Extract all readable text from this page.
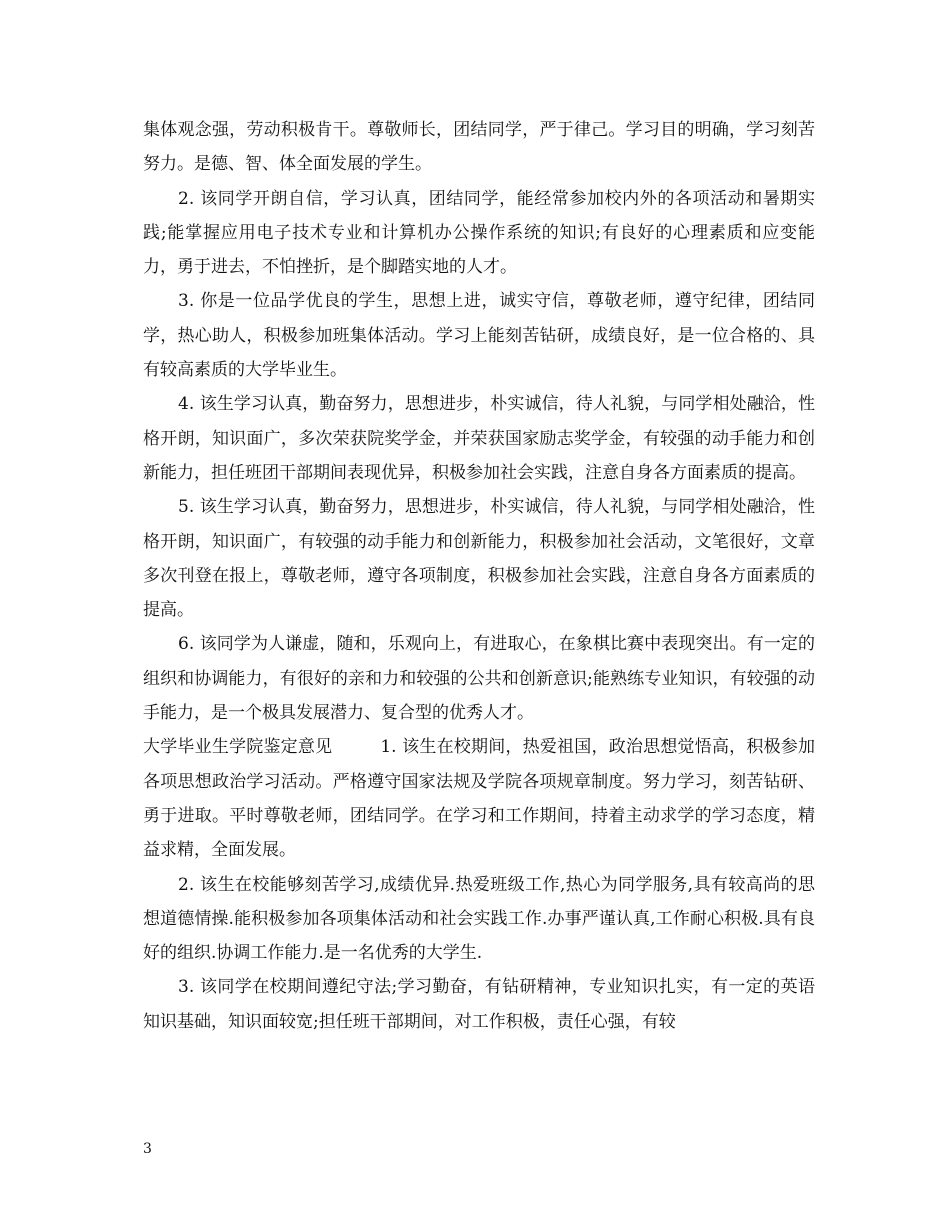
集体观念强，劳动积极肯干。尊敬师长，团结同学，严于律己。学习目的明确，学习刻苦努力。是德、智、体全面发展的学生。

2. 该同学开朗自信，学习认真，团结同学，能经常参加校内外的各项活动和暑期实践;能掌握应用电子技术专业和计算机办公操作系统的知识;有良好的心理素质和应变能力，勇于进去，不怕挫折，是个脚踏实地的人才。

3. 你是一位品学优良的学生，思想上进，诚实守信，尊敬老师，遵守纪律，团结同学，热心助人，积极参加班集体活动。学习上能刻苦钻研，成绩良好，是一位合格的、具有较高素质的大学毕业生。

4. 该生学习认真，勤奋努力，思想进步，朴实诚信，待人礼貌，与同学相处融洽，性格开朗，知识面广，多次荣获院奖学金，并荣获国家励志奖学金，有较强的动手能力和创新能力，担任班团干部期间表现优异，积极参加社会实践，注意自身各方面素质的提高。

5. 该生学习认真，勤奋努力，思想进步，朴实诚信，待人礼貌，与同学相处融洽，性格开朗，知识面广，有较强的动手能力和创新能力，积极参加社会活动，文笔很好，文章多次刊登在报上，尊敬老师，遵守各项制度，积极参加社会实践，注意自身各方面素质的提高。

6. 该同学为人谦虚，随和，乐观向上，有进取心，在象棋比赛中表现突出。有一定的组织和协调能力，有很好的亲和力和较强的公共和创新意识;能熟练专业知识，有较强的动手能力，是一个极具发展潜力、复合型的优秀人才。

大学毕业生学院鉴定意见	1. 该生在校期间，热爱祖国，政治思想觉悟高，积极参加各项思想政治学习活动。严格遵守国家法规及学院各项规章制度。努力学习，刻苦钻研、勇于进取。平时尊敬老师，团结同学。在学习和工作期间，持着主动求学的学习态度，精益求精，全面发展。

2. 该生在校能够刻苦学习,成绩优异.热爱班级工作,热心为同学服务,具有较高尚的思想道德情操.能积极参加各项集体活动和社会实践工作.办事严谨认真,工作耐心积极.具有良好的组织.协调工作能力.是一名优秀的大学生.

3. 该同学在校期间遵纪守法;学习勤奋，有钻研精神，专业知识扎实，有一定的英语知识基础，知识面较宽;担任班干部期间，对工作积极，责任心强，有较

3
